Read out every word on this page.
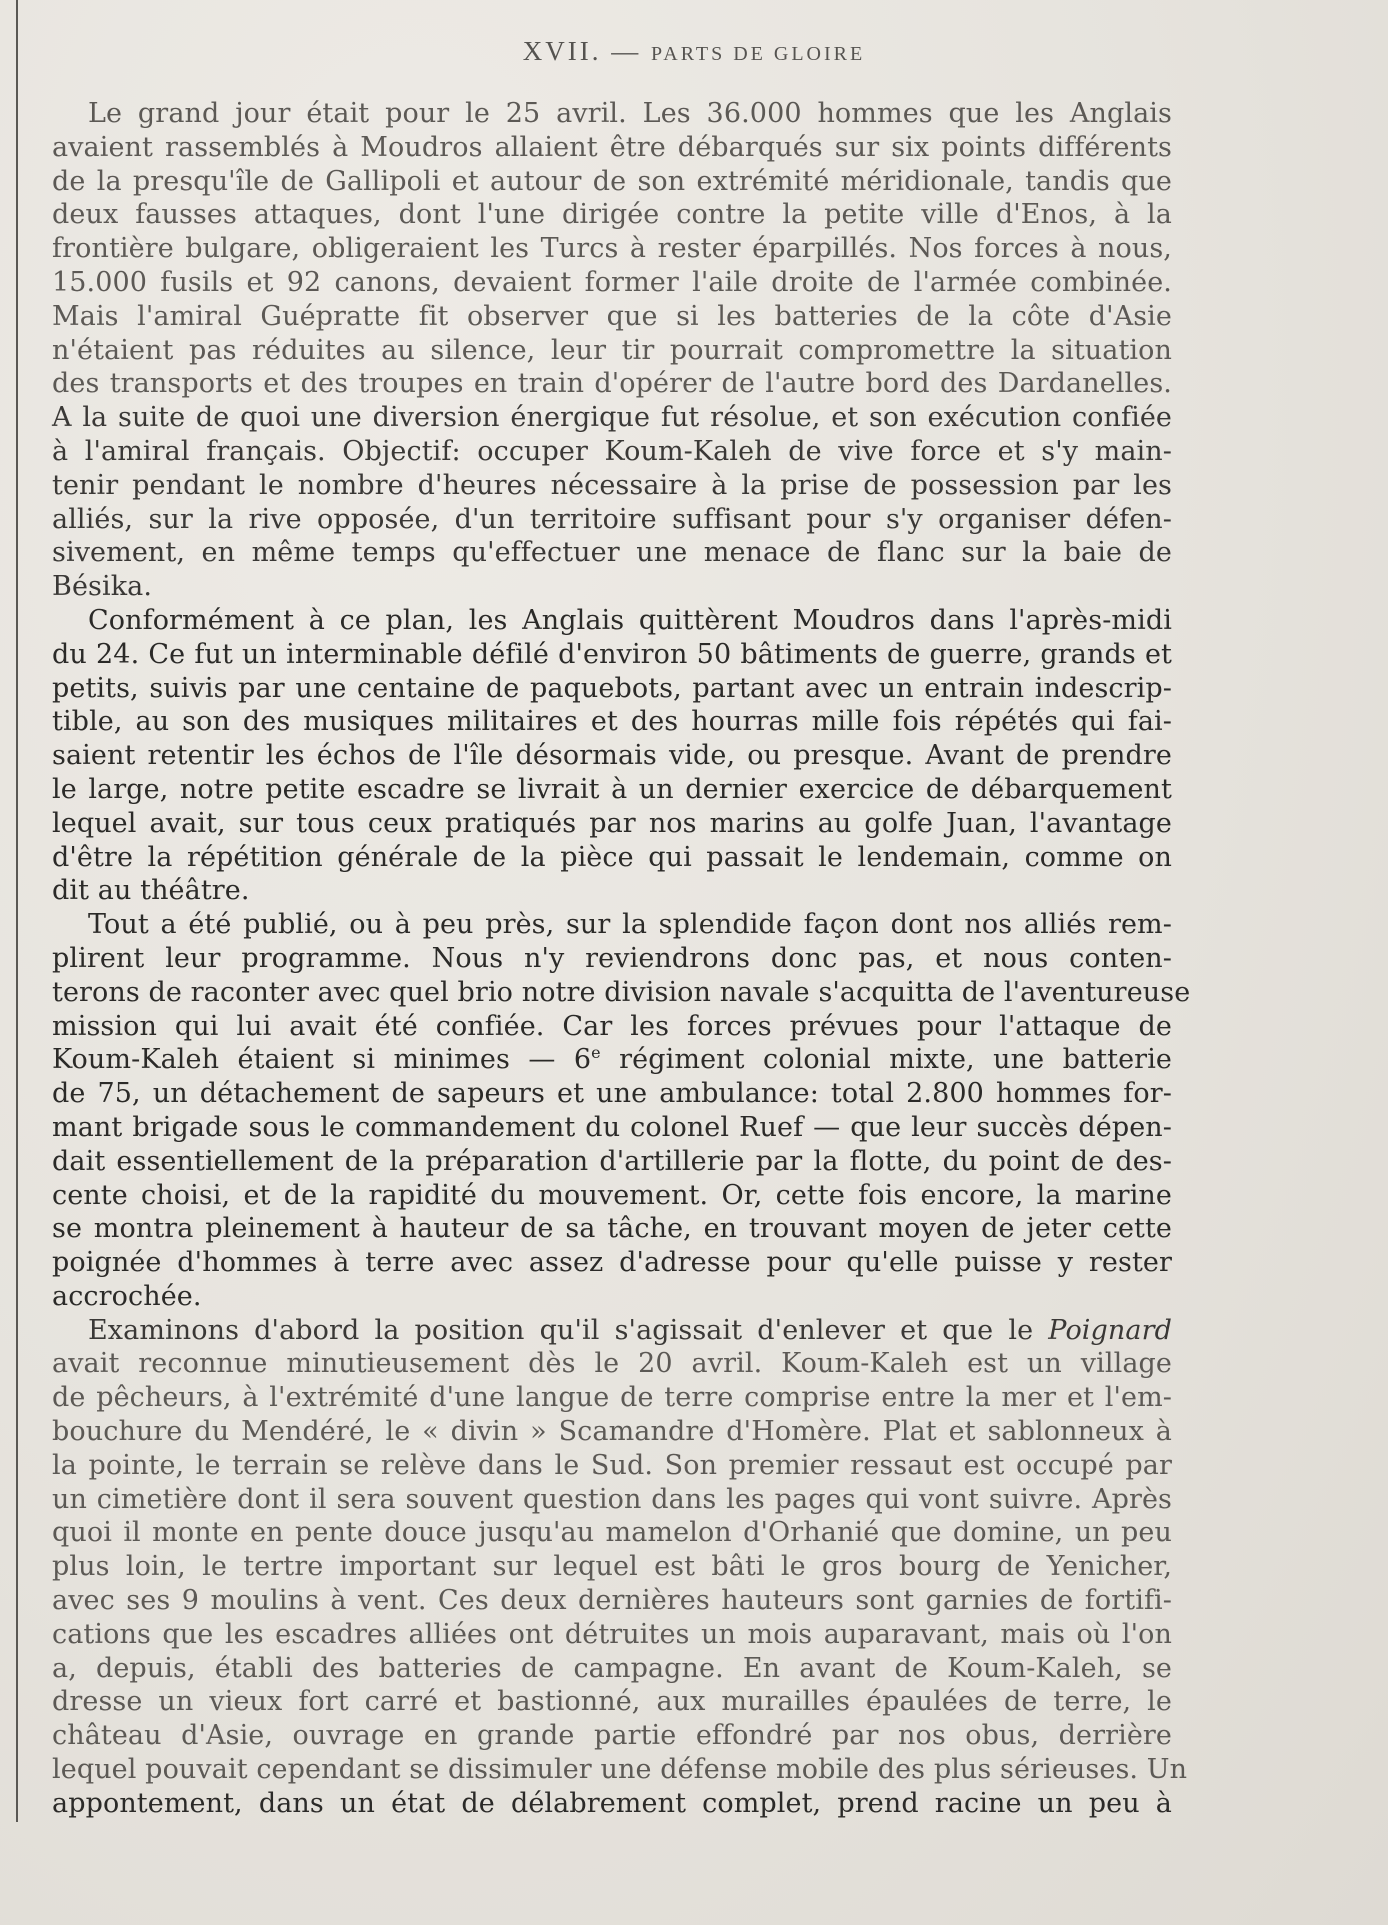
XVII. — PARTS DE GLOIRE
Le grand jour était pour le 25 avril. Les 36.000 hommes que les Anglais
avaient rassemblés à Moudros allaient être débarqués sur six points différents
de la presqu'île de Gallipoli et autour de son extrémité méridionale, tandis que
deux fausses attaques, dont l'une dirigée contre la petite ville d'Enos, à la
frontière bulgare, obligeraient les Turcs à rester éparpillés. Nos forces à nous,
15.000 fusils et 92 canons, devaient former l'aile droite de l'armée combinée.
Mais l'amiral Guépratte fit observer que si les batteries de la côte d'Asie
n'étaient pas réduites au silence, leur tir pourrait compromettre la situation
des transports et des troupes en train d'opérer de l'autre bord des Dardanelles.
A la suite de quoi une diversion énergique fut résolue, et son exécution confiée
à l'amiral français. Objectif: occuper Koum-Kaleh de vive force et s'y main-
tenir pendant le nombre d'heures nécessaire à la prise de possession par les
alliés, sur la rive opposée, d'un territoire suffisant pour s'y organiser défen-
sivement, en même temps qu'effectuer une menace de flanc sur la baie de
Bésika.
Conformément à ce plan, les Anglais quittèrent Moudros dans l'après-midi
du 24. Ce fut un interminable défilé d'environ 50 bâtiments de guerre, grands et
petits, suivis par une centaine de paquebots, partant avec un entrain indescrip-
tible, au son des musiques militaires et des hourras mille fois répétés qui fai-
saient retentir les échos de l'île désormais vide, ou presque. Avant de prendre
le large, notre petite escadre se livrait à un dernier exercice de débarquement
lequel avait, sur tous ceux pratiqués par nos marins au golfe Juan, l'avantage
d'être la répétition générale de la pièce qui passait le lendemain, comme on
dit au théâtre.
Tout a été publié, ou à peu près, sur la splendide façon dont nos alliés rem-
plirent leur programme. Nous n'y reviendrons donc pas, et nous conten-
terons de raconter avec quel brio notre division navale s'acquitta de l'aventureuse
mission qui lui avait été confiée. Car les forces prévues pour l'attaque de
Koum-Kaleh étaient si minimes — 6e régiment colonial mixte, une batterie
de 75, un détachement de sapeurs et une ambulance: total 2.800 hommes for-
mant brigade sous le commandement du colonel Ruef — que leur succès dépen-
dait essentiellement de la préparation d'artillerie par la flotte, du point de des-
cente choisi, et de la rapidité du mouvement. Or, cette fois encore, la marine
se montra pleinement à hauteur de sa tâche, en trouvant moyen de jeter cette
poignée d'hommes à terre avec assez d'adresse pour qu'elle puisse y rester
accrochée.
Examinons d'abord la position qu'il s'agissait d'enlever et que le Poignard
avait reconnue minutieusement dès le 20 avril. Koum-Kaleh est un village
de pêcheurs, à l'extrémité d'une langue de terre comprise entre la mer et l'em-
bouchure du Mendéré, le « divin » Scamandre d'Homère. Plat et sablonneux à
la pointe, le terrain se relève dans le Sud. Son premier ressaut est occupé par
un cimetière dont il sera souvent question dans les pages qui vont suivre. Après
quoi il monte en pente douce jusqu'au mamelon d'Orhanié que domine, un peu
plus loin, le tertre important sur lequel est bâti le gros bourg de Yenicher,
avec ses 9 moulins à vent. Ces deux dernières hauteurs sont garnies de fortifi-
cations que les escadres alliées ont détruites un mois auparavant, mais où l'on
a, depuis, établi des batteries de campagne. En avant de Koum-Kaleh, se
dresse un vieux fort carré et bastionné, aux murailles épaulées de terre, le
château d'Asie, ouvrage en grande partie effondré par nos obus, derrière
lequel pouvait cependant se dissimuler une défense mobile des plus sérieuses. Un
appontement, dans un état de délabrement complet, prend racine un peu à
